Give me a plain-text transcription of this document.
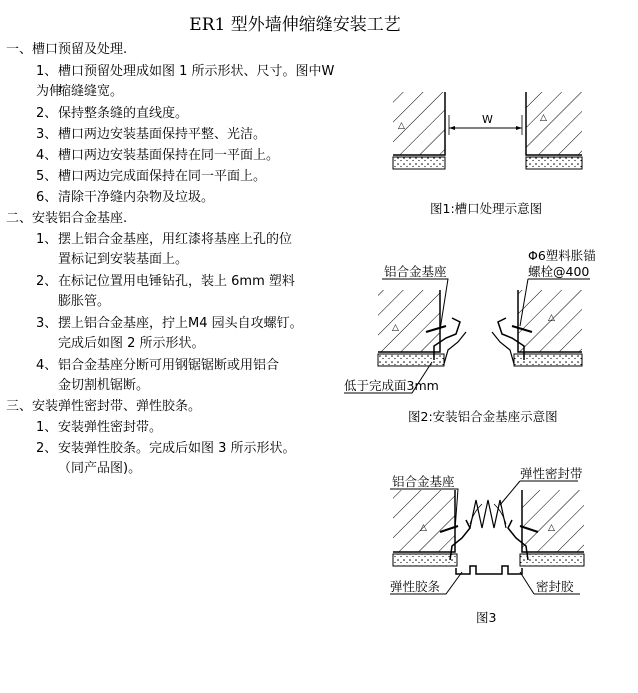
ER1 型外墙伸缩缝安装工艺
一、槽口预留及处理.
1、槽口预留处理成如图 1 所示形状、尺寸。图中W为伸
缩缝缝宽。
2、保持整条缝的直线度。
3、槽口两边安装基面保持平整、光洁。
4、槽口两边安装基面保持在同一平面上。
5、槽口两边完成面保持在同一平面上。
6、清除干净缝内杂物及垃圾。
二、安装铝合金基座.
1、摆上铝合金基座，用红漆将基座上孔的位
置标记到安装基面上。
2、在标记位置用电锤钻孔，装上 6mm 塑料
膨胀管。
3、摆上铝合金基座，拧上M4 园头自攻螺钉。
完成后如图 2 所示形状。
4、铝合金基座分断可用钢锯锯断或用铝合
金切割机锯断。
三、安装弹性密封带、弹性胶条。
1、安装弹性密封带。
2、安装弹性胶条。完成后如图 3 所示形状。
（同产品图)。
△
△
△
△
△	△
W
图1:槽口处理示意图
铝合金基座
Φ6塑料胀锚
螺栓@400
低于完成面3mm
图2:安装铝合金基座示意图
铝合金基座
弹性密封带
弹性胶条	密封胶
图3
